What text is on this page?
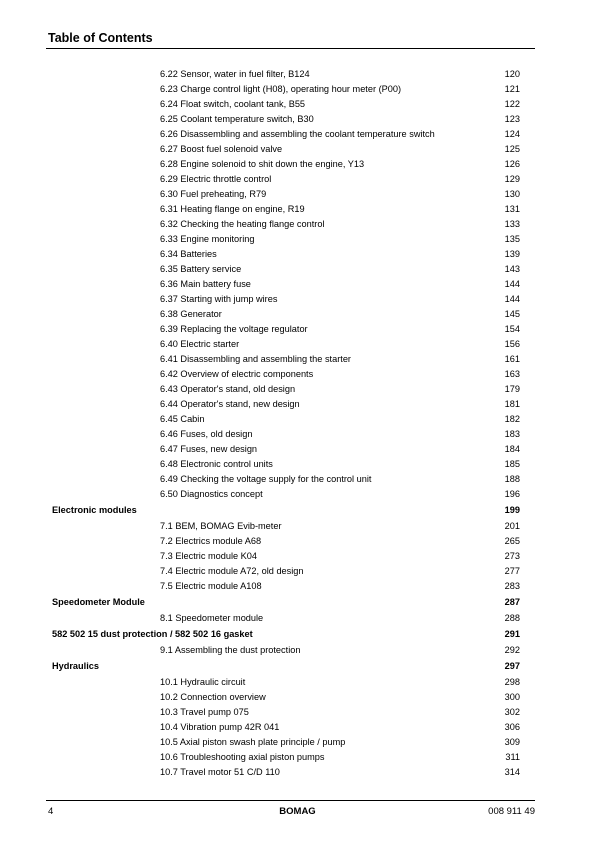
Table of Contents
6.22 Sensor, water in fuel filter, B124	120
6.23 Charge control light (H08), operating hour meter (P00)	121
6.24 Float switch, coolant tank, B55	122
6.25 Coolant temperature switch, B30	123
6.26 Disassembling and assembling the coolant temperature switch	124
6.27 Boost fuel solenoid valve	125
6.28 Engine solenoid to shit down the engine, Y13	126
6.29 Electric throttle control	129
6.30 Fuel preheating, R79	130
6.31 Heating flange on engine, R19	131
6.32 Checking the heating flange control	133
6.33 Engine monitoring	135
6.34 Batteries	139
6.35 Battery service	143
6.36 Main battery fuse	144
6.37 Starting with jump wires	144
6.38 Generator	145
6.39 Replacing the voltage regulator	154
6.40 Electric starter	156
6.41 Disassembling and assembling the starter	161
6.42 Overview of electric components	163
6.43 Operator's stand, old design	179
6.44 Operator's stand, new design	181
6.45 Cabin	182
6.46 Fuses, old design	183
6.47 Fuses, new design	184
6.48 Electronic control units	185
6.49 Checking the voltage supply for the control unit	188
6.50 Diagnostics concept	196
Electronic modules	199
7.1 BEM, BOMAG Evib-meter	201
7.2 Electrics module A68	265
7.3 Electric module K04	273
7.4 Electric module A72, old design	277
7.5 Electric module A108	283
Speedometer Module	287
8.1 Speedometer module	288
582 502 15 dust protection / 582 502 16 gasket	291
9.1 Assembling the dust protection	292
Hydraulics	297
10.1 Hydraulic circuit	298
10.2 Connection overview	300
10.3 Travel pump 075	302
10.4 Vibration pump 42R 041	306
10.5 Axial piston swash plate principle / pump	309
10.6 Troubleshooting axial piston pumps	311
10.7 Travel motor 51 C/D 110	314
4	BOMAG	008 911 49
